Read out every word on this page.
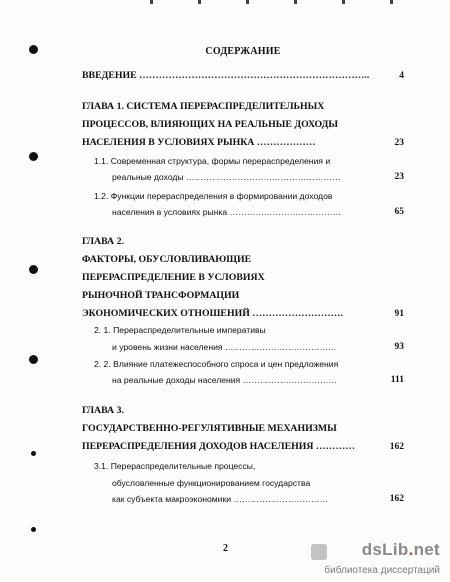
СОДЕРЖАНИЕ
ВВЕДЕНИЕ ……………………………………………………………..	4
ГЛАВА 1. СИСТЕМА ПЕРЕРАСПРЕДЕЛИТЕЛЬНЫХ
ПРОЦЕССОВ, ВЛИЯЮЩИХ НА РЕАЛЬНЫЕ ДОХОДЫ
НАСЕЛЕНИЯ В УСЛОВИЯХ РЫНКА ………………	23
1.1. Современная структура, формы перераспределения и
реальные доходы ………………………………………………	23
1.2. Функции перераспределения в формировании доходов
населения в условиях рынка …………………………………	65
ГЛАВА 2.
ФАКТОРЫ, ОБУСЛОВЛИВАЮЩИЕ
ПЕРЕРАСПРЕДЕЛЕНИЕ В УСЛОВИЯХ
РЫНОЧНОЙ ТРАНСФОРМАЦИИ
ЭКОНОМИЧЕСКИХ ОТНОШЕНИЙ ……………………….	91
2. 1. Перераспределительные императивы
и уровень жизни населения …………………………………	93
2. 2. Влияние платежеспособного спроса и цен предложения
на реальные доходы населения ……………………………	111
ГЛАВА 3.
ГОСУДАРСТВЕННО-РЕГУЛЯТИВНЫЕ МЕХАНИЗМЫ
ПЕРЕРАСПРЕДЕЛЕНИЯ ДОХОДОВ НАСЕЛЕНИЯ …………	162
3.1. Перераспределительные процессы,
обусловленные функционированием государства
как субъекта макроэкономики ……………………………	162
2	dsLib.net
библиотека диссертаций
